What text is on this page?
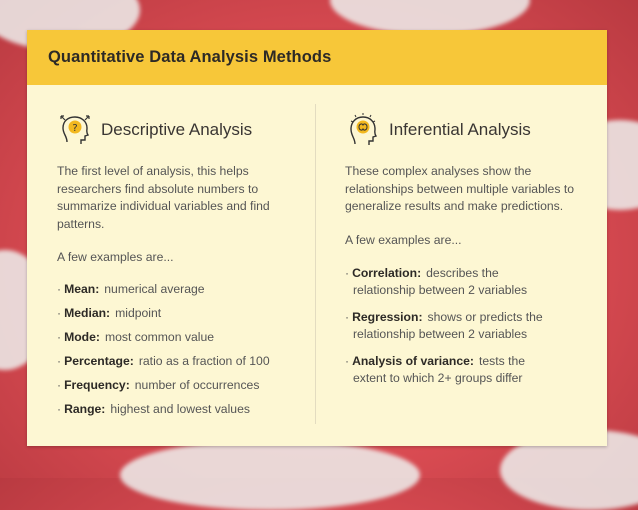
Quantitative Data Analysis Methods
? Descriptive Analysis
The first level of analysis, this helps researchers find absolute numbers to summarize individual variables and find patterns.
A few examples are...
· Mean: numerical average
· Median: midpoint
· Mode: most common value
· Percentage: ratio as a fraction of 100
· Frequency: number of occurrences
· Range: highest and lowest values
Inferential Analysis
These complex analyses show the relationships between multiple variables to generalize results and make predictions.
A few examples are...
· Correlation: describes the
relationship between 2 variables
· Regression: shows or predicts the
relationship between 2 variables
· Analysis of variance: tests the
extent to which 2+ groups differ
